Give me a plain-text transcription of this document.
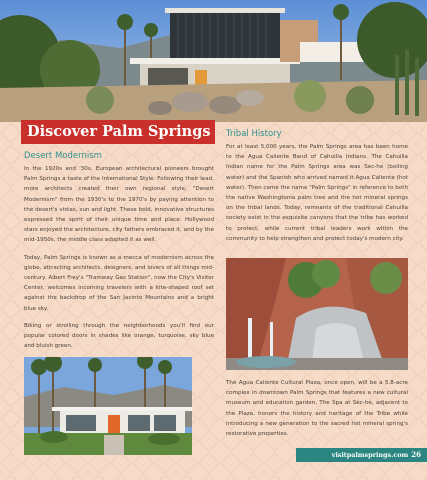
Discover Palm Springs
Desert Modernism

In the 1920s and '30s, European architectural pioneers brought Palm Springs a taste of the International Style. Following their lead, more architects created their own regional style, "Desert Modernism" from the 1930's to the 1970's by paying attention to the desert's vistas, sun and light. These bold, innovative structures expressed the spirit of their unique time and place. Hollywood stars enjoyed the architecture, city fathers embraced it, and by the mid-1950s, the middle class adopted it as well.

Today, Palm Springs is known as a mecca of modernism across the globe, attracting architects, designers, and lovers of all things mid- century. Albert Frey's "Tramway Gas Station", now the City's Visitor Center, welcomes incoming travelers with a kite-shaped roof set against the backdrop of the San Jacinto Mountains and a bright blue sky.

Biking or strolling through the neighborhoods you'll find our popular colored doors in shades like orange, turquoise, sky blue and bluish green.

Tribal History

For at least 5,000 years, the Palm Springs area has been home to the Agua Caliente Band of Cahuilla Indians. The Cahuilla Indian name for the Palm Springs area was Sec-he (boiling water) and the Spanish who arrived named it Agua Caliente (hot water). Then came the name "Palm Springs" in reference to both the native Washingtonia palm tree and the hot mineral springs on the tribal lands. Today, remnants of the traditional Cahuilla society exist in the exquisite canyons that the tribe has worked to protect, while current tribal leaders work within the community to help strengthen and protect today's modern city.

The Agua Caliente Cultural Plaza, once open, will be a 5.8-acre complex in downtown Palm Springs that features a new cultural museum and education garden. The Spa at Séc-he, adjacent to the Plaza, honors the history and heritage of the Tribe while introducing a new generation to the sacred hot mineral spring's restorative properties.

visitpalmsprings.com 26
